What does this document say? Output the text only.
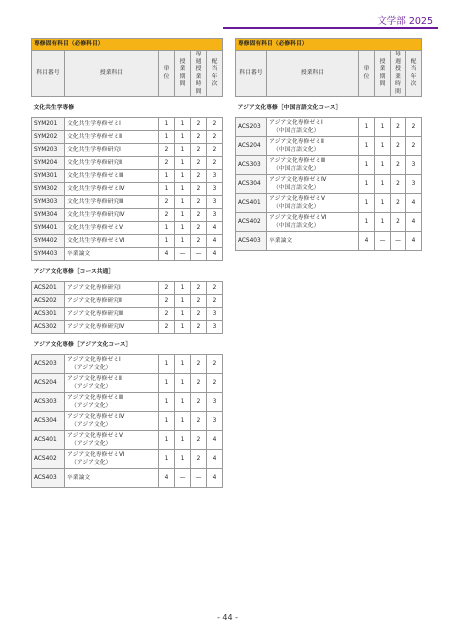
文学部 2025
専修固有科目（必修科目）					
科目番号	授業科目	単位	授業期間	毎週授業時間	配当年次
文化共生学専修					
SYM201	文化共生学専修ゼミⅠ	1	1	2	2
SYM202	文化共生学専修ゼミⅡ	1	1	2	2
SYM203	文化共生学専修研究Ⅰ	2	1	2	2
SYM204	文化共生学専修研究Ⅱ	2	1	2	2
SYM301	文化共生学専修ゼミⅢ	1	1	2	3
SYM302	文化共生学専修ゼミⅣ	1	1	2	3
SYM303	文化共生学専修研究Ⅲ	2	1	2	3
SYM304	文化共生学専修研究Ⅳ	2	1	2	3
SYM401	文化共生学専修ゼミⅤ	1	1	2	4
SYM402	文化共生学専修ゼミⅥ	1	1	2	4
SYM403	卒業論文	4	—	—	4
アジア文化専修［コース共通］					
ACS201	アジア文化専修研究Ⅰ	2	1	2	2
ACS202	アジア文化専修研究Ⅱ	2	1	2	2
ACS301	アジア文化専修研究Ⅲ	2	1	2	3
ACS302	アジア文化専修研究Ⅳ	2	1	2	3
アジア文化専修［アジア文化コース］					
ACS203	アジア文化専修ゼミⅠ
（アジア文化）	1	1	2	2
ACS204	アジア文化専修ゼミⅡ
（アジア文化）	1	1	2	2
ACS303	アジア文化専修ゼミⅢ
（アジア文化）	1	1	2	3
ACS304	アジア文化専修ゼミⅣ
（アジア文化）	1	1	2	3
ACS401	アジア文化専修ゼミⅤ
（アジア文化）	1	1	2	4
ACS402	アジア文化専修ゼミⅥ
（アジア文化）	1	1	2	4
ACS403	卒業論文	4	—	—	4
専修固有科目（必修科目）					
科目番号	授業科目	単位	授業期間	毎週授業時間	配当年次
アジア文化専修［中国言語文化コース］					
ACS203	アジア文化専修ゼミⅠ
（中国言語文化）	1	1	2	2
ACS204	アジア文化専修ゼミⅡ
（中国言語文化）	1	1	2	2
ACS303	アジア文化専修ゼミⅢ
（中国言語文化）	1	1	2	3
ACS304	アジア文化専修ゼミⅣ
（中国言語文化）	1	1	2	3
ACS401	アジア文化専修ゼミⅤ
（中国言語文化）	1	1	2	4
ACS402	アジア文化専修ゼミⅥ
（中国言語文化）	1	1	2	4
ACS403	卒業論文	4	—	—	4
- 44 -
